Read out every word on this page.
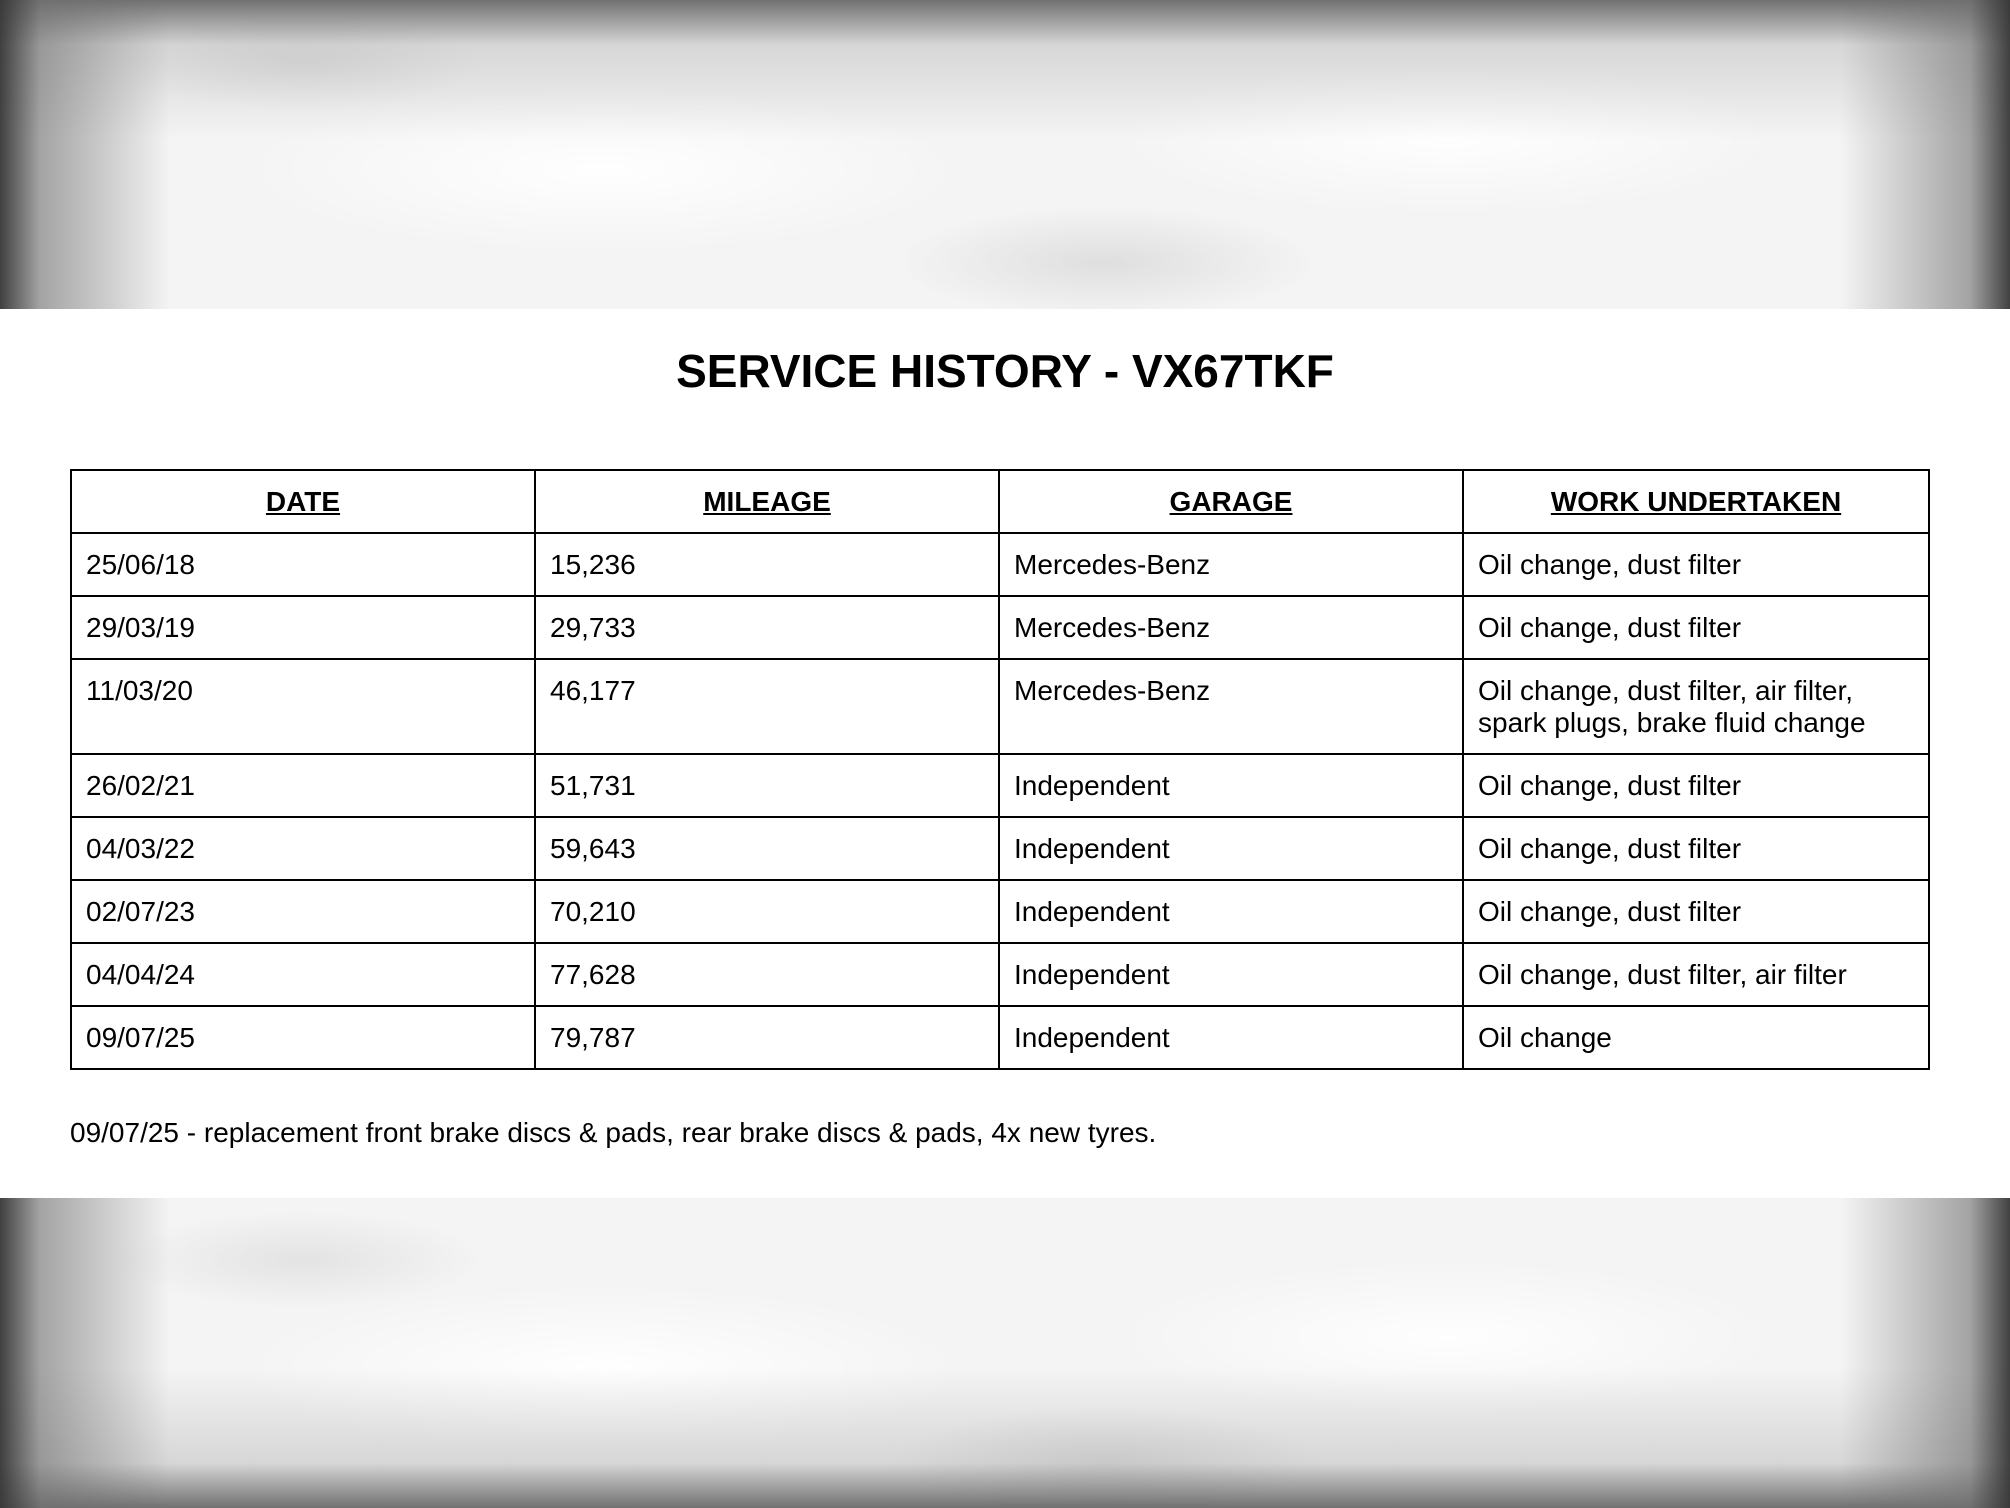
SERVICE HISTORY - VX67TKF
DATE	MILEAGE	GARAGE	WORK UNDERTAKEN
25/06/18	15,236	Mercedes-Benz	Oil change, dust filter
29/03/19	29,733	Mercedes-Benz	Oil change, dust filter
11/03/20	46,177	Mercedes-Benz	Oil change, dust filter, air filter, spark plugs, brake fluid change
26/02/21	51,731	Independent	Oil change, dust filter
04/03/22	59,643	Independent	Oil change, dust filter
02/07/23	70,210	Independent	Oil change, dust filter
04/04/24	77,628	Independent	Oil change, dust filter, air filter
09/07/25	79,787	Independent	Oil change

09/07/25 - replacement front brake discs & pads, rear brake discs & pads, 4x new tyres.
